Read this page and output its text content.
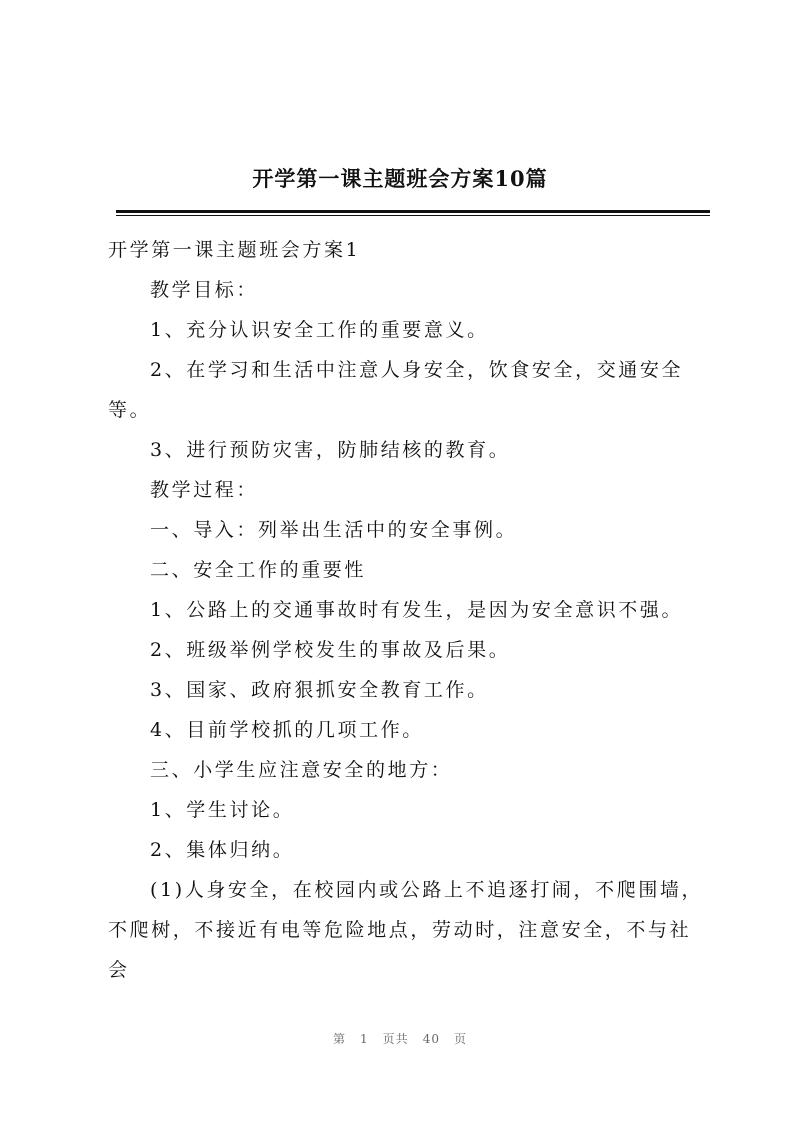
开学第一课主题班会方案10篇

开学第一课主题班会方案1

教学目标：

1、充分认识安全工作的重要意义。

2、在学习和生活中注意人身安全，饮食安全，交通安全等。

3、进行预防灾害，防肺结核的教育。

教学过程：

一、导入：列举出生活中的安全事例。

二、安全工作的重要性

1、公路上的交通事故时有发生，是因为安全意识不强。

2、班级举例学校发生的事故及后果。

3、国家、政府狠抓安全教育工作。

4、目前学校抓的几项工作。

三、小学生应注意安全的地方：

1、学生讨论。

2、集体归纳。

(1)人身安全，在校园内或公路上不追逐打闹，不爬围墙，不爬树，不接近有电等危险地点，劳动时，注意安全，不与社会

第 1 页共 40 页
